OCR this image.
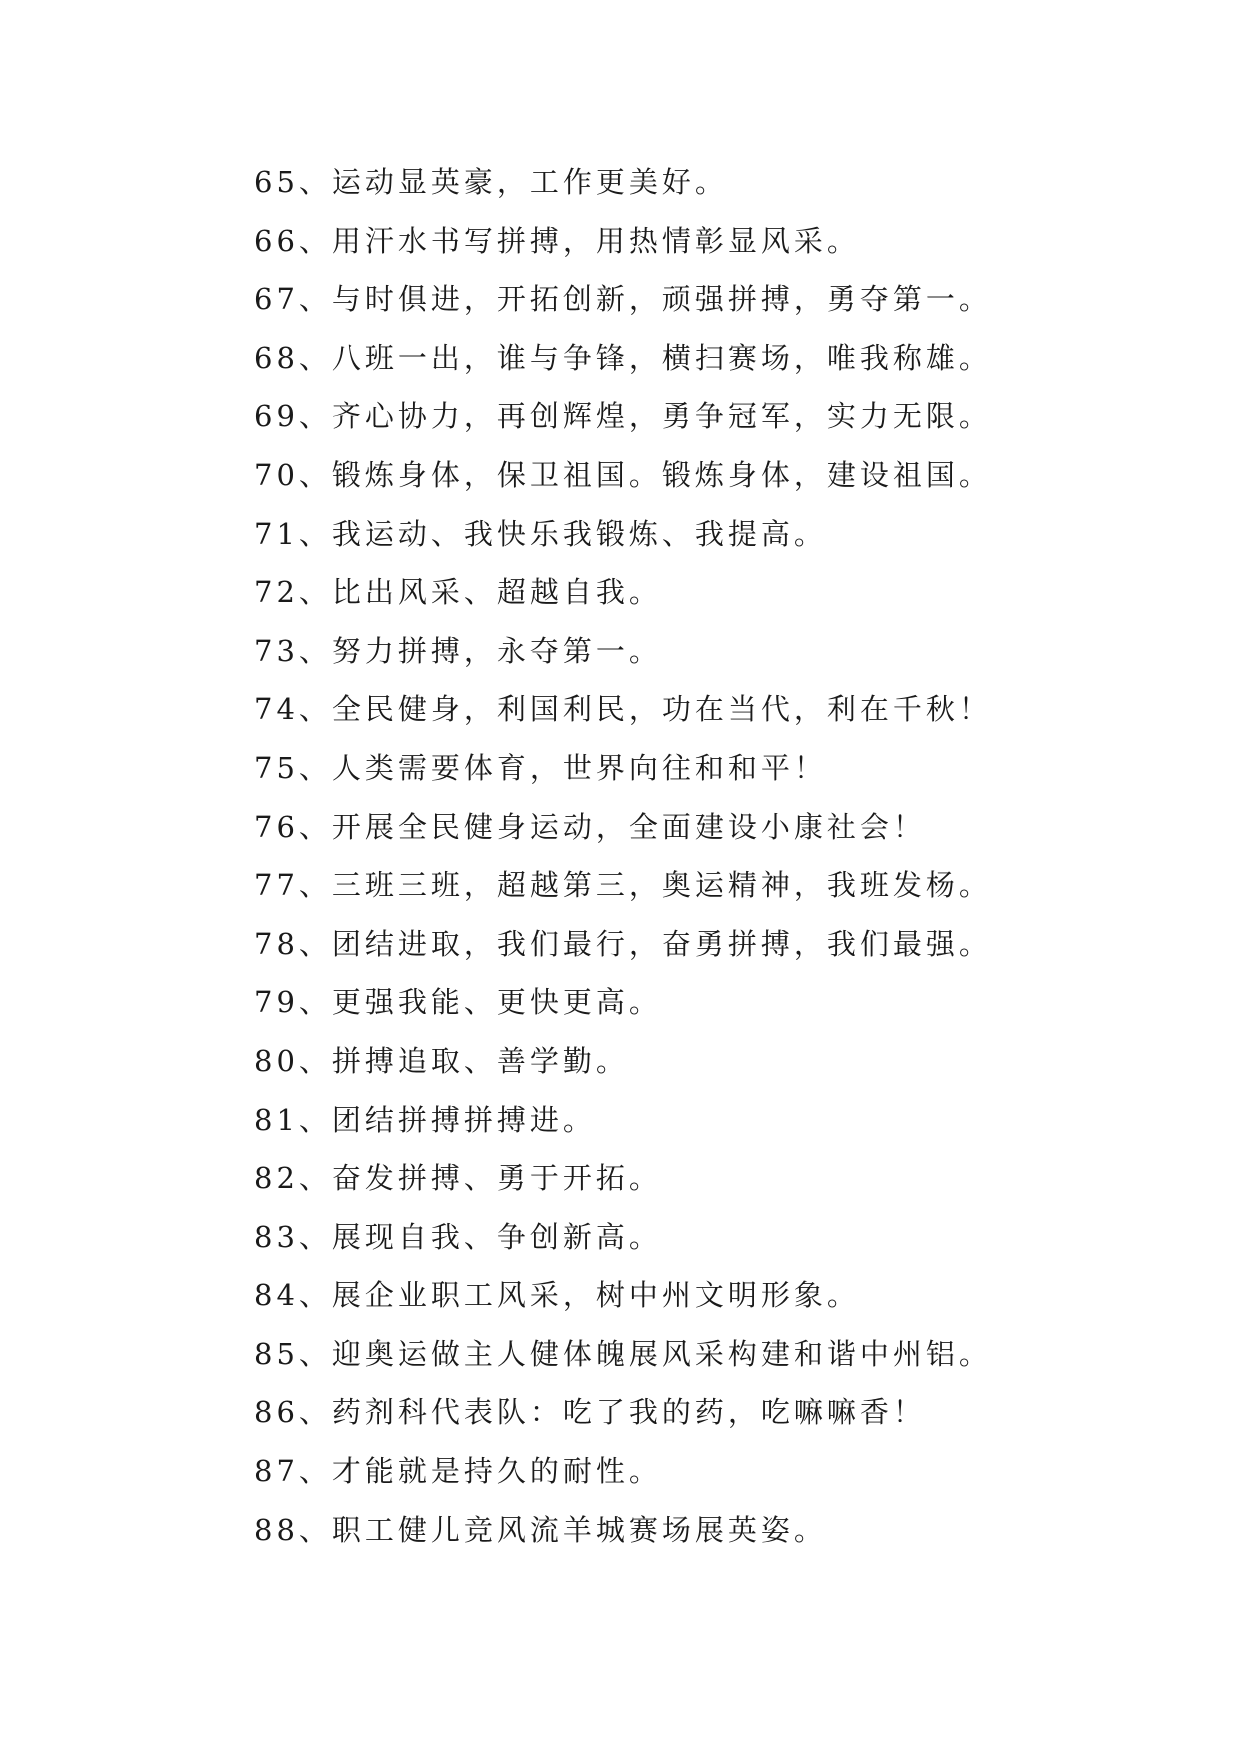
65、运动显英豪，工作更美好。
66、用汗水书写拼搏，用热情彰显风采。
67、与时俱进，开拓创新，顽强拼搏，勇夺第一。
68、八班一出，谁与争锋，横扫赛场，唯我称雄。
69、齐心协力，再创辉煌，勇争冠军，实力无限。
70、锻炼身体，保卫祖国。锻炼身体，建设祖国。
71、我运动、我快乐我锻炼、我提高。
72、比出风采、超越自我。
73、努力拼搏，永夺第一。
74、全民健身，利国利民，功在当代，利在千秋！
75、人类需要体育，世界向往和和平！
76、开展全民健身运动，全面建设小康社会！
77、三班三班，超越第三，奥运精神，我班发杨。
78、团结进取，我们最行，奋勇拼搏，我们最强。
79、更强我能、更快更高。
80、拼搏追取、善学勤。
81、团结拼搏拼搏进。
82、奋发拼搏、勇于开拓。
83、展现自我、争创新高。
84、展企业职工风采，树中州文明形象。
85、迎奥运做主人健体魄展风采构建和谐中州铝。
86、药剂科代表队：吃了我的药，吃嘛嘛香！
87、才能就是持久的耐性。
88、职工健儿竞风流羊城赛场展英姿。
